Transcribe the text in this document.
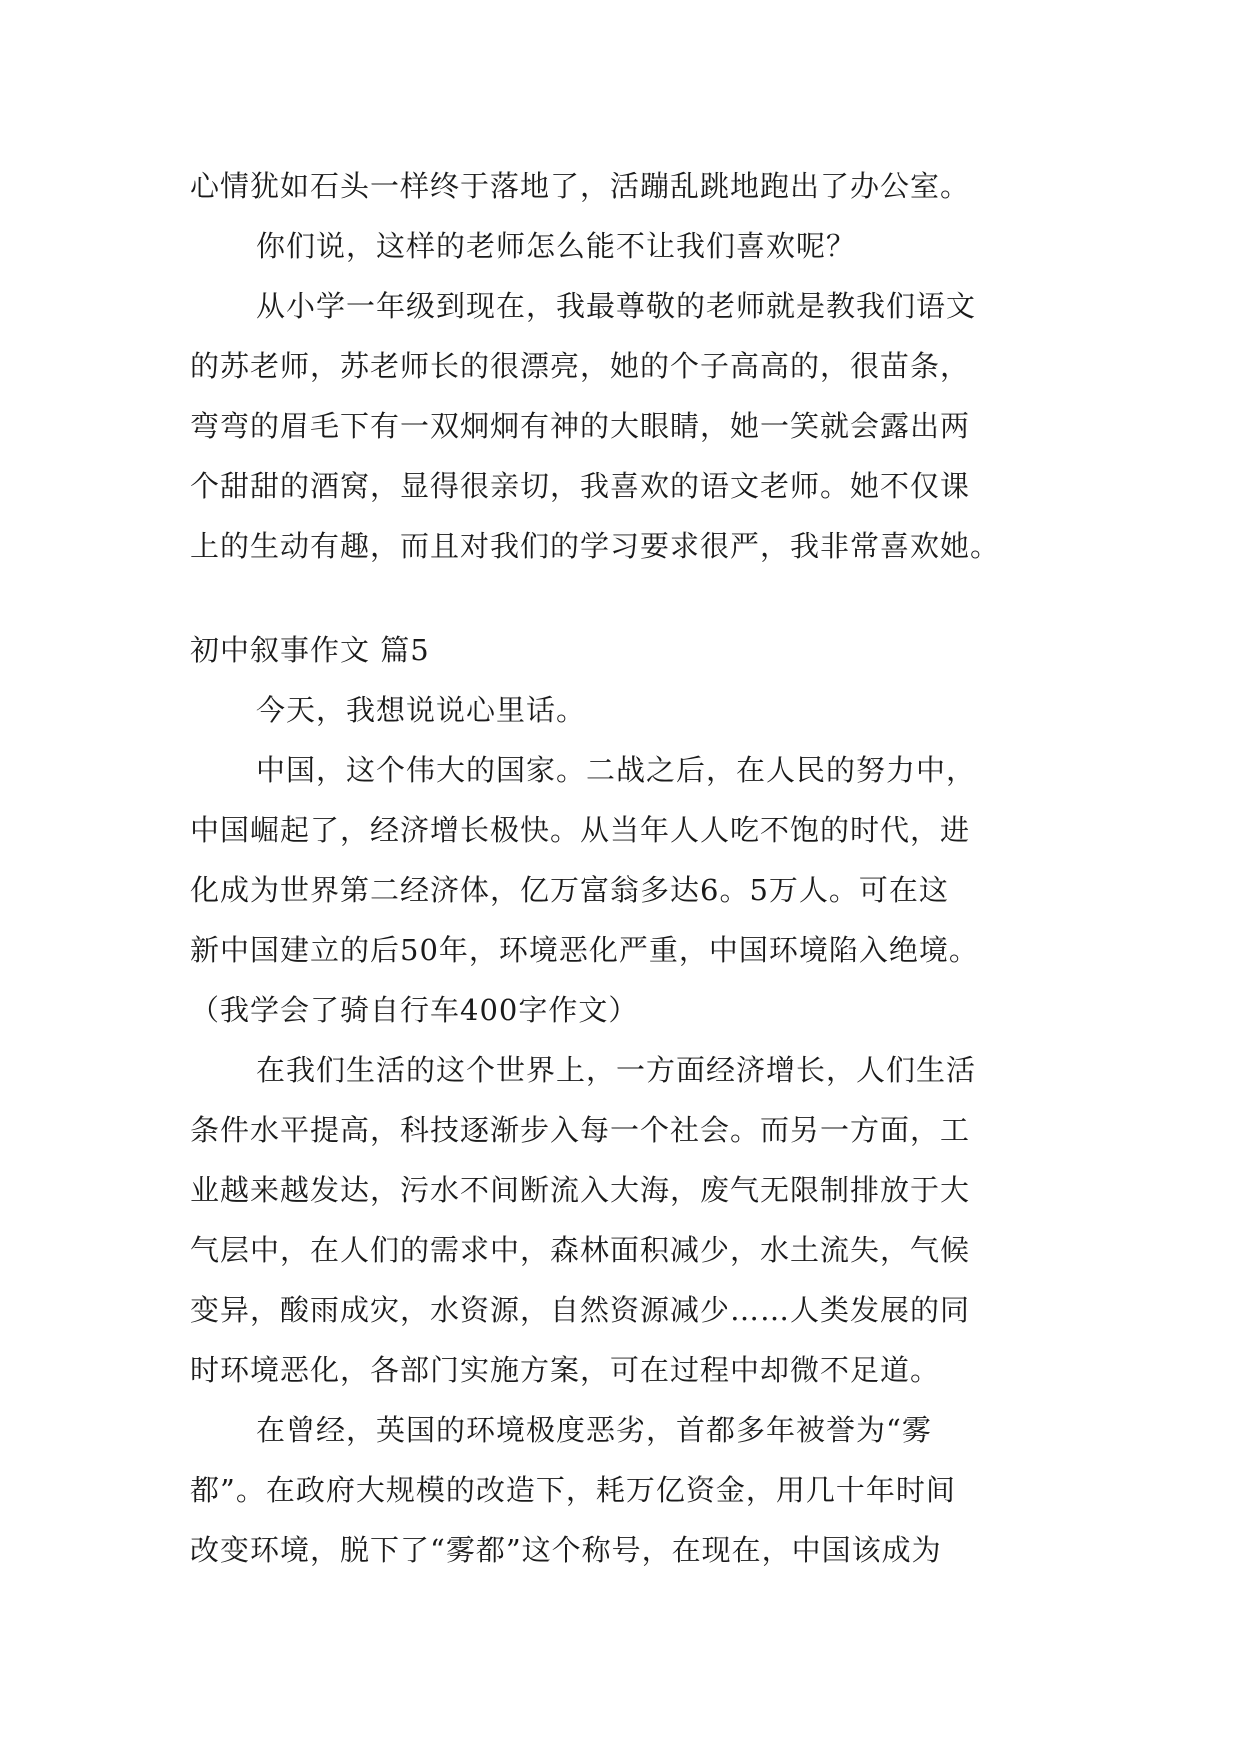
心情犹如石头一样终于落地了，活蹦乱跳地跑出了办公室。

你们说，这样的老师怎么能不让我们喜欢呢？

从小学一年级到现在，我最尊敬的老师就是教我们语文

的苏老师，苏老师长的很漂亮，她的个子高高的，很苗条，

弯弯的眉毛下有一双炯炯有神的大眼睛，她一笑就会露出两

个甜甜的酒窝，显得很亲切，我喜欢的语文老师。她不仅课

上的生动有趣，而且对我们的学习要求很严，我非常喜欢她。

初中叙事作文 篇5

今天，我想说说心里话。

中国，这个伟大的国家。二战之后，在人民的努力中，

中国崛起了，经济增长极快。从当年人人吃不饱的时代，进

化成为世界第二经济体，亿万富翁多达6。5万人。可在这

新中国建立的后50年，环境恶化严重，中国环境陷入绝境。

（我学会了骑自行车400字作文）

在我们生活的这个世界上，一方面经济增长，人们生活

条件水平提高，科技逐渐步入每一个社会。而另一方面，工

业越来越发达，污水不间断流入大海，废气无限制排放于大

气层中，在人们的需求中，森林面积减少，水土流失，气候

变异，酸雨成灾，水资源，自然资源减少……人类发展的同

时环境恶化，各部门实施方案，可在过程中却微不足道。

在曾经，英国的环境极度恶劣，首都多年被誉为“雾

都”。在政府大规模的改造下，耗万亿资金，用几十年时间

改变环境，脱下了“雾都”这个称号，在现在，中国该成为
